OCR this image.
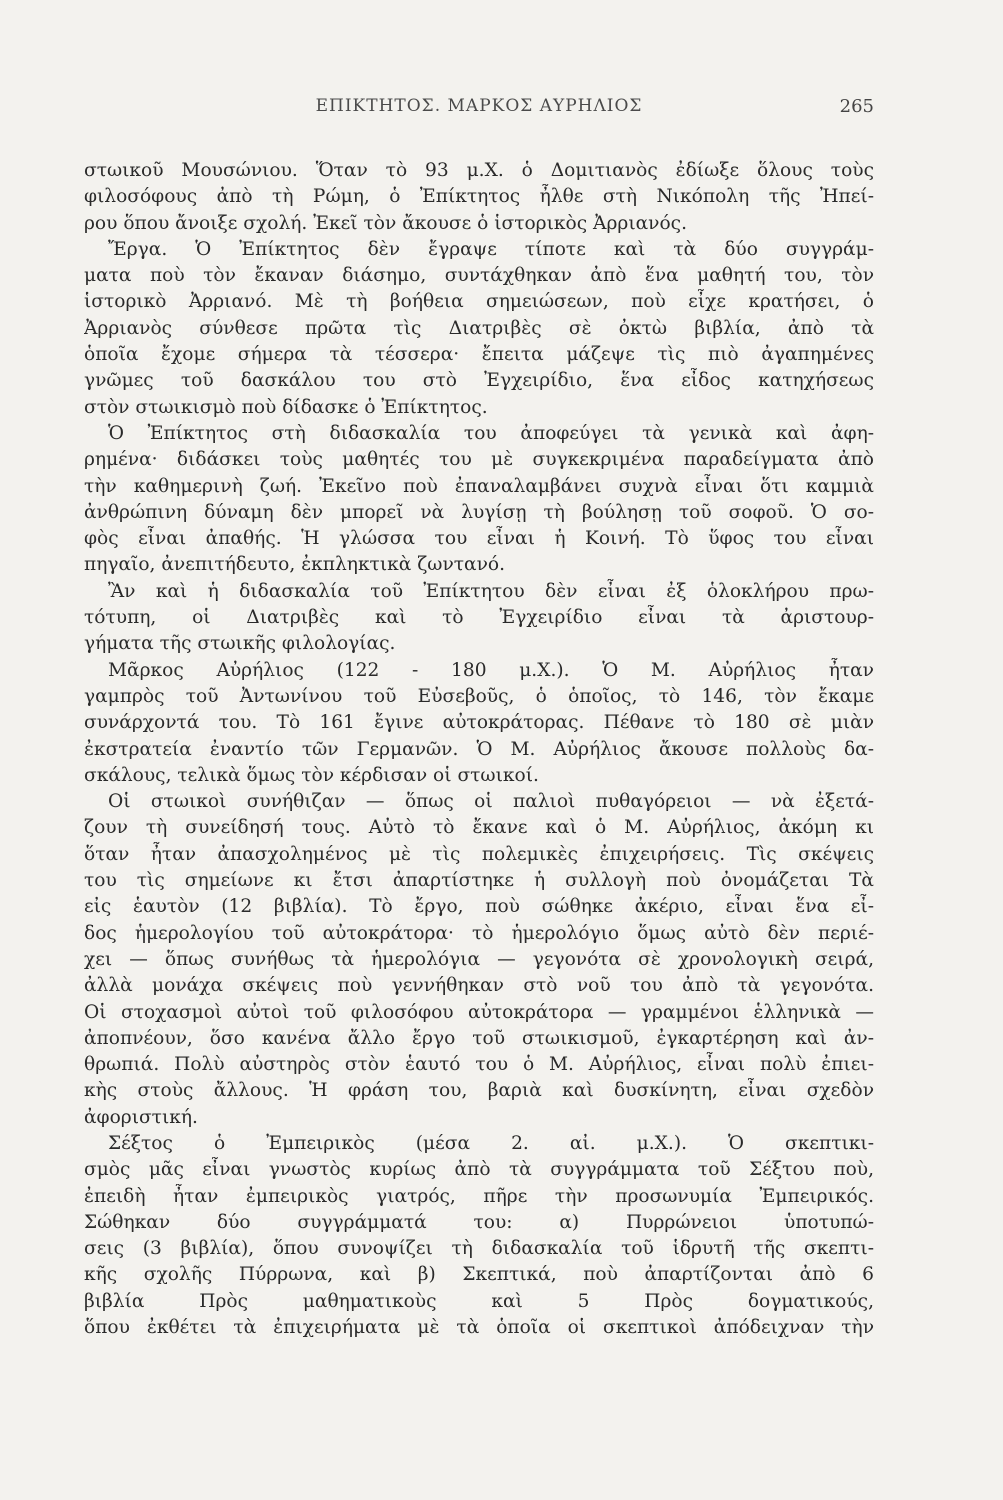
ΕΠΙΚΤΗΤΟΣ. ΜΑΡΚΟΣ ΑΥΡΗΛΙΟΣ	265
στωικοῦ Μουσώνιου. Ὅταν τὸ 93 μ.Χ. ὁ Δομιτιανὸς ἐδίωξε ὅλους τοὺς
φιλοσόφους ἀπὸ τὴ Ρώμη, ὁ Ἐπίκτητος ἦλθε στὴ Νικόπολη τῆς Ἠπεί-
ρου ὅπου ἄνοιξε σχολή. Ἐκεῖ τὸν ἄκουσε ὁ ἱστορικὸς Ἀρριανός.
Ἔργα. Ὁ Ἐπίκτητος δὲν ἔγραψε τίποτε καὶ τὰ δύο συγγράμ-
ματα ποὺ τὸν ἔκαναν διάσημο, συντάχθηκαν ἀπὸ ἕνα μαθητή του, τὸν
ἱστορικὸ Ἀρριανό. Μὲ τὴ βοήθεια σημειώσεων, ποὺ εἶχε κρατήσει, ὁ
Ἀρριανὸς σύνθεσε πρῶτα τὶς Διατριβὲς σὲ ὀκτὼ βιβλία, ἀπὸ τὰ
ὁποῖα ἔχομε σήμερα τὰ τέσσερα· ἔπειτα μάζεψε τὶς πιὸ ἀγαπημένες
γνῶμες τοῦ δασκάλου του στὸ Ἐγχειρίδιο, ἕνα εἶδος κατηχήσεως
στὸν στωικισμὸ ποὺ δίδασκε ὁ Ἐπίκτητος.
Ὁ Ἐπίκτητος στὴ διδασκαλία του ἀποφεύγει τὰ γενικὰ καὶ ἀφη-
ρημένα· διδάσκει τοὺς μαθητές του μὲ συγκεκριμένα παραδείγματα ἀπὸ
τὴν καθημερινὴ ζωή. Ἐκεῖνο ποὺ ἐπαναλαμβάνει συχνὰ εἶναι ὅτι καμμιὰ
ἀνθρώπινη δύναμη δὲν μπορεῖ νὰ λυγίσῃ τὴ βούλησῃ τοῦ σοφοῦ. Ὁ σο-
φὸς εἶναι ἀπαθής. Ἡ γλώσσα του εἶναι ἡ Κοινή. Τὸ ὕφος του εἶναι
πηγαῖο, ἀνεπιτήδευτο, ἐκπληκτικὰ ζωντανό.
Ἂν καὶ ἡ διδασκαλία τοῦ Ἐπίκτητου δὲν εἶναι ἐξ ὁλοκλήρου πρω-
τότυπη, οἱ Διατριβὲς καὶ τὸ Ἐγχειρίδιο εἶναι τὰ ἀριστουρ-
γήματα τῆς στωικῆς φιλολογίας.
Μᾶρκος Αὐρήλιος (122 - 180 μ.Χ.). Ὁ Μ. Αὐρήλιος ἦταν
γαμπρὸς τοῦ Ἀντωνίνου τοῦ Εὐσεβοῦς, ὁ ὁποῖος, τὸ 146, τὸν ἔκαμε
συνάρχοντά του. Τὸ 161 ἔγινε αὐτοκράτορας. Πέθανε τὸ 180 σὲ μιὰν
ἐκστρατεία ἐναντίο τῶν Γερμανῶν. Ὁ Μ. Αὐρήλιος ἄκουσε πολλοὺς δα-
σκάλους, τελικὰ ὅμως τὸν κέρδισαν οἱ στωικοί.
Οἱ στωικοὶ συνήθιζαν — ὅπως οἱ παλιοὶ πυθαγόρειοι — νὰ ἐξετά-
ζουν τὴ συνείδησή τους. Αὐτὸ τὸ ἔκανε καὶ ὁ Μ. Αὐρήλιος, ἀκόμη κι
ὅταν ἦταν ἀπασχολημένος μὲ τὶς πολεμικὲς ἐπιχειρήσεις. Τὶς σκέψεις
του τὶς σημείωνε κι ἔτσι ἀπαρτίστηκε ἡ συλλογὴ ποὺ ὀνομάζεται Τὰ
εἰς ἑαυτὸν (12 βιβλία). Τὸ ἔργο, ποὺ σώθηκε ἀκέριο, εἶναι ἕνα εἶ-
δος ἡμερολογίου τοῦ αὐτοκράτορα· τὸ ἡμερολόγιο ὅμως αὐτὸ δὲν περιέ-
χει — ὅπως συνήθως τὰ ἡμερολόγια — γεγονότα σὲ χρονολογικὴ σειρά,
ἀλλὰ μονάχα σκέψεις ποὺ γεννήθηκαν στὸ νοῦ του ἀπὸ τὰ γεγονότα.
Οἱ στοχασμοὶ αὐτοὶ τοῦ φιλοσόφου αὐτοκράτορα — γραμμένοι ἑλληνικὰ —
ἀποπνέουν, ὅσο κανένα ἄλλο ἔργο τοῦ στωικισμοῦ, ἐγκαρτέρηση καὶ ἀν-
θρωπιά. Πολὺ αὐστηρὸς στὸν ἑαυτό του ὁ Μ. Αὐρήλιος, εἶναι πολὺ ἐπιει-
κὴς στοὺς ἄλλους. Ἡ φράση του, βαριὰ καὶ δυσκίνητη, εἶναι σχεδὸν
ἀφοριστική.
Σέξτος ὁ Ἐμπειρικὸς (μέσα 2. αἰ. μ.Χ.). Ὁ σκεπτικι-
σμὸς μᾶς εἶναι γνωστὸς κυρίως ἀπὸ τὰ συγγράμματα τοῦ Σέξτου ποὺ,
ἐπειδὴ ἦταν ἐμπειρικὸς γιατρός, πῆρε τὴν προσωνυμία Ἐμπειρικός.
Σώθηκαν δύο συγγράμματά του: α) Πυρρώνειοι ὑποτυπώ-
σεις (3 βιβλία), ὅπου συνοψίζει τὴ διδασκαλία τοῦ ἱδρυτῆ τῆς σκεπτι-
κῆς σχολῆς Πύρρωνα, καὶ β) Σκεπτικά, ποὺ ἀπαρτίζονται ἀπὸ 6
βιβλία Πρὸς μαθηματικοὺς καὶ 5 Πρὸς δογματικούς,
ὅπου ἐκθέτει τὰ ἐπιχειρήματα μὲ τὰ ὁποῖα οἱ σκεπτικοὶ ἀπόδειχναν τὴν
